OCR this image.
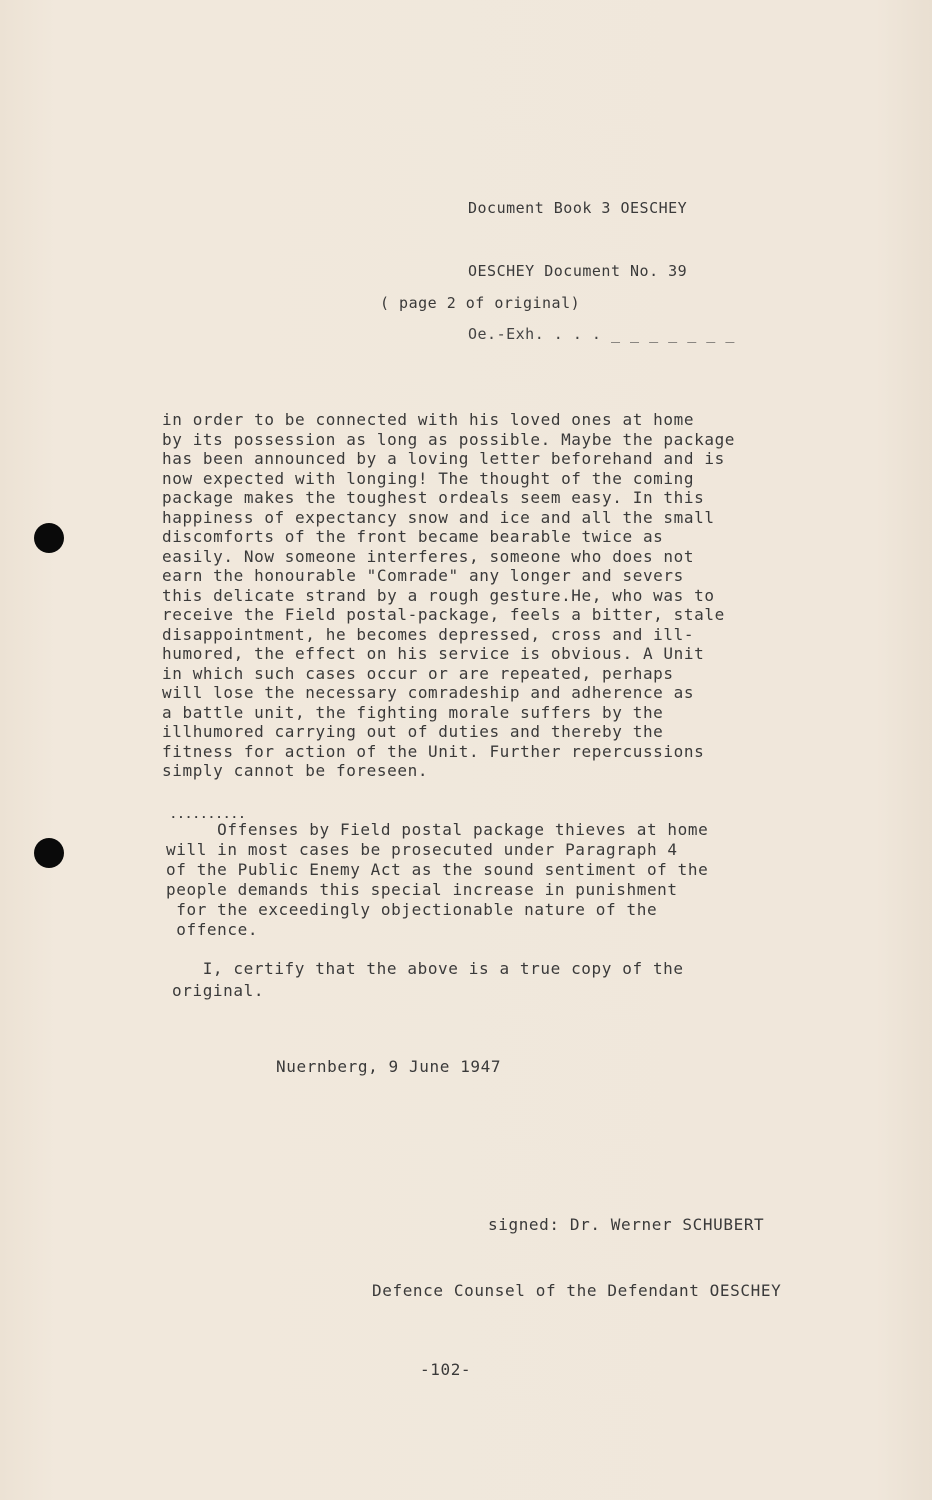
Document Book 3 OESCHEY

OESCHEY Document No. 39

Oe.-Exh. . . . _ _ _ _ _ _ _

( page 2 of original)
in order to be connected with his loved ones at home
by its possession as long as possible. Maybe the package
has been announced by a loving letter beforehand and is
now expected with longing! The thought of the coming
package makes the toughest ordeals seem easy. In this
happiness of expectancy snow and ice and all the small
discomforts of the front became bearable twice as
easily. Now someone interferes, someone who does not
earn the honourable "Comrade" any longer and severs
this delicate strand by a rough gesture.He, who was to
receive the Field postal-package, feels a bitter, stale
disappointment, he becomes depressed, cross and ill-
humored, the effect on his service is obvious. A Unit
in which such cases occur or are repeated, perhaps
will lose the necessary comradeship and adherence as
a battle unit, the fighting morale suffers by the
illhumored carrying out of duties and thereby the
fitness for action of the Unit. Further repercussions
simply cannot be foreseen.
..........
Offenses by Field postal package thieves at home
will in most cases be prosecuted under Paragraph 4
of the Public Enemy Act as the sound sentiment of the
people demands this special increase in punishment
for the exceedingly objectionable nature of the
offence.
I, certify that the above is a true copy of the
original.
Nuernberg, 9 June 1947

signed: Dr. Werner SCHUBERT

Defence Counsel of the Defendant OESCHEY

-102-
